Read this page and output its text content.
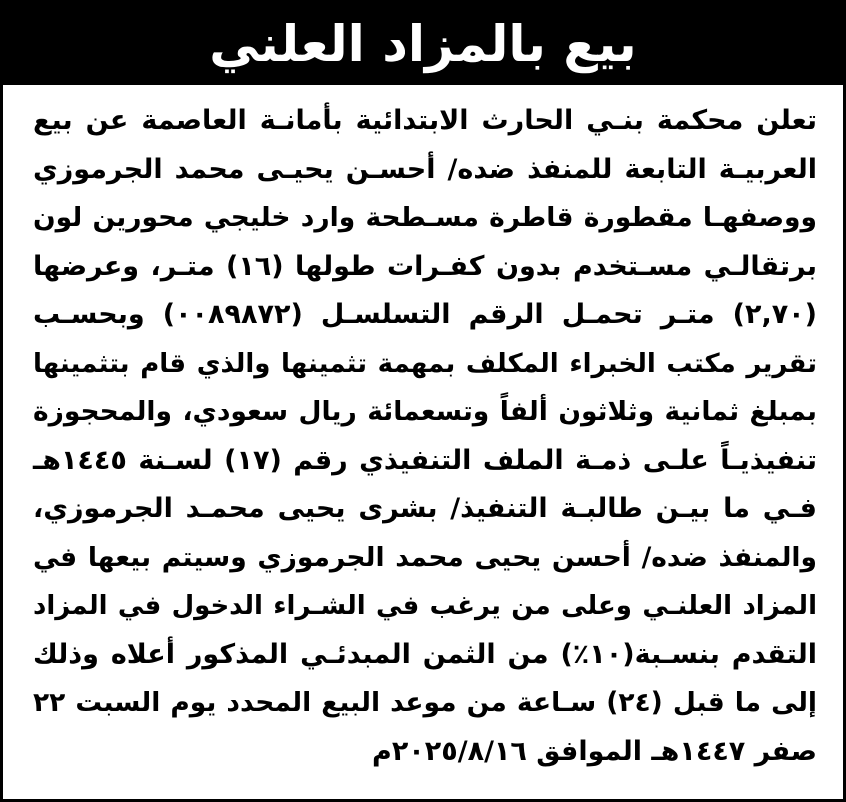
بيع بالمزاد العلني
تعلن محكمة بنـي الحارث الابتدائية بأمانـة العاصمة عن بيع
العربيـة التابعة للمنفذ ضده/ أحسـن يحيـى محمد الجرموزي
ووصفهـا مقطورة قاطرة مسـطحة وارد خليجي محورين لون
برتقالـي مسـتخدم بدون كفـرات طولها (١٦) متـر، وعرضها
(٢,٧٠) متـر تحمـل الرقم التسلسـل (٠٠٨٩٨٧٢) وبحسـب
تقرير مكتب الخبراء المكلف بمهمة تثمينها والذي قام بتثمينها
بمبلغ ثمانية وثلاثون ألفاً وتسعمائة ريال سعودي، والمحجوزة
تنفيذيـاً علـى ذمـة الملف التنفيذي رقم (١٧) لسـنة ١٤٤٥هـ
فـي ما بيـن طالبـة التنفيذ/ بشرى يحيى محمـد الجرموزي،
والمنفذ ضده/ أحسن يحيى محمد الجرموزي وسيتم بيعها في
المزاد العلنـي وعلى من يرغب في الشـراء الدخول في المزاد
التقدم بنسـبة(١٠٪) من الثمن المبدئـي المذكور أعلاه وذلك
إلى ما قبل (٢٤) سـاعة من موعد البيع المحدد يوم السبت ٢٢
صفر ١٤٤٧هـ الموافق ٢٠٢٥/٨/١٦م
